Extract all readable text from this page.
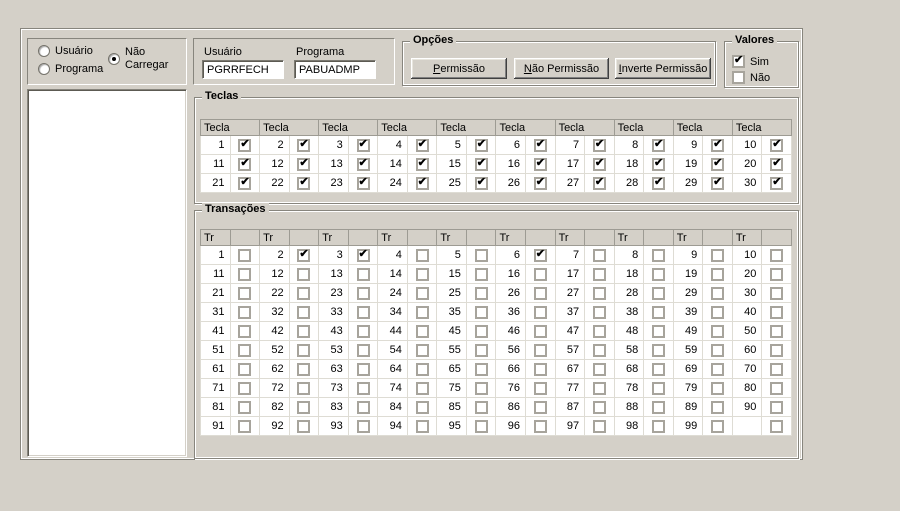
Usuário
Programa
Não Carregar
Usuário
PGRRFECH	Programa
PABUADMP
Opções
Permissão	Não Permissão	Inverte Permissão
Valores
✔
Sim
Não
Teclas
Tecla		Tecla		Tecla		Tecla		Tecla		Tecla		Tecla		Tecla		Tecla		Tecla	
1	✔	2	✔	3	✔	4	✔	5	✔	6	✔	7	✔	8	✔	9	✔	10	✔
11	✔	12	✔	13	✔	14	✔	15	✔	16	✔	17	✔	18	✔	19	✔	20	✔
21	✔	22	✔	23	✔	24	✔	25	✔	26	✔	27	✔	28	✔	29	✔	30	✔
Transações
Tr		Tr		Tr		Tr		Tr		Tr		Tr		Tr		Tr		Tr	
1		2	✔	3	✔	4		5		6	✔	7		8		9		10	
11		12		13		14		15		16		17		18		19		20	
21		22		23		24		25		26		27		28		29		30	
31		32		33		34		35		36		37		38		39		40	
41		42		43		44		45		46		47		48		49		50	
51		52		53		54		55		56		57		58		59		60	
61		62		63		64		65		66		67		68		69		70	
71		72		73		74		75		76		77		78		79		80	
81		82		83		84		85		86		87		88		89		90	
91		92		93		94		95		96		97		98		99			
